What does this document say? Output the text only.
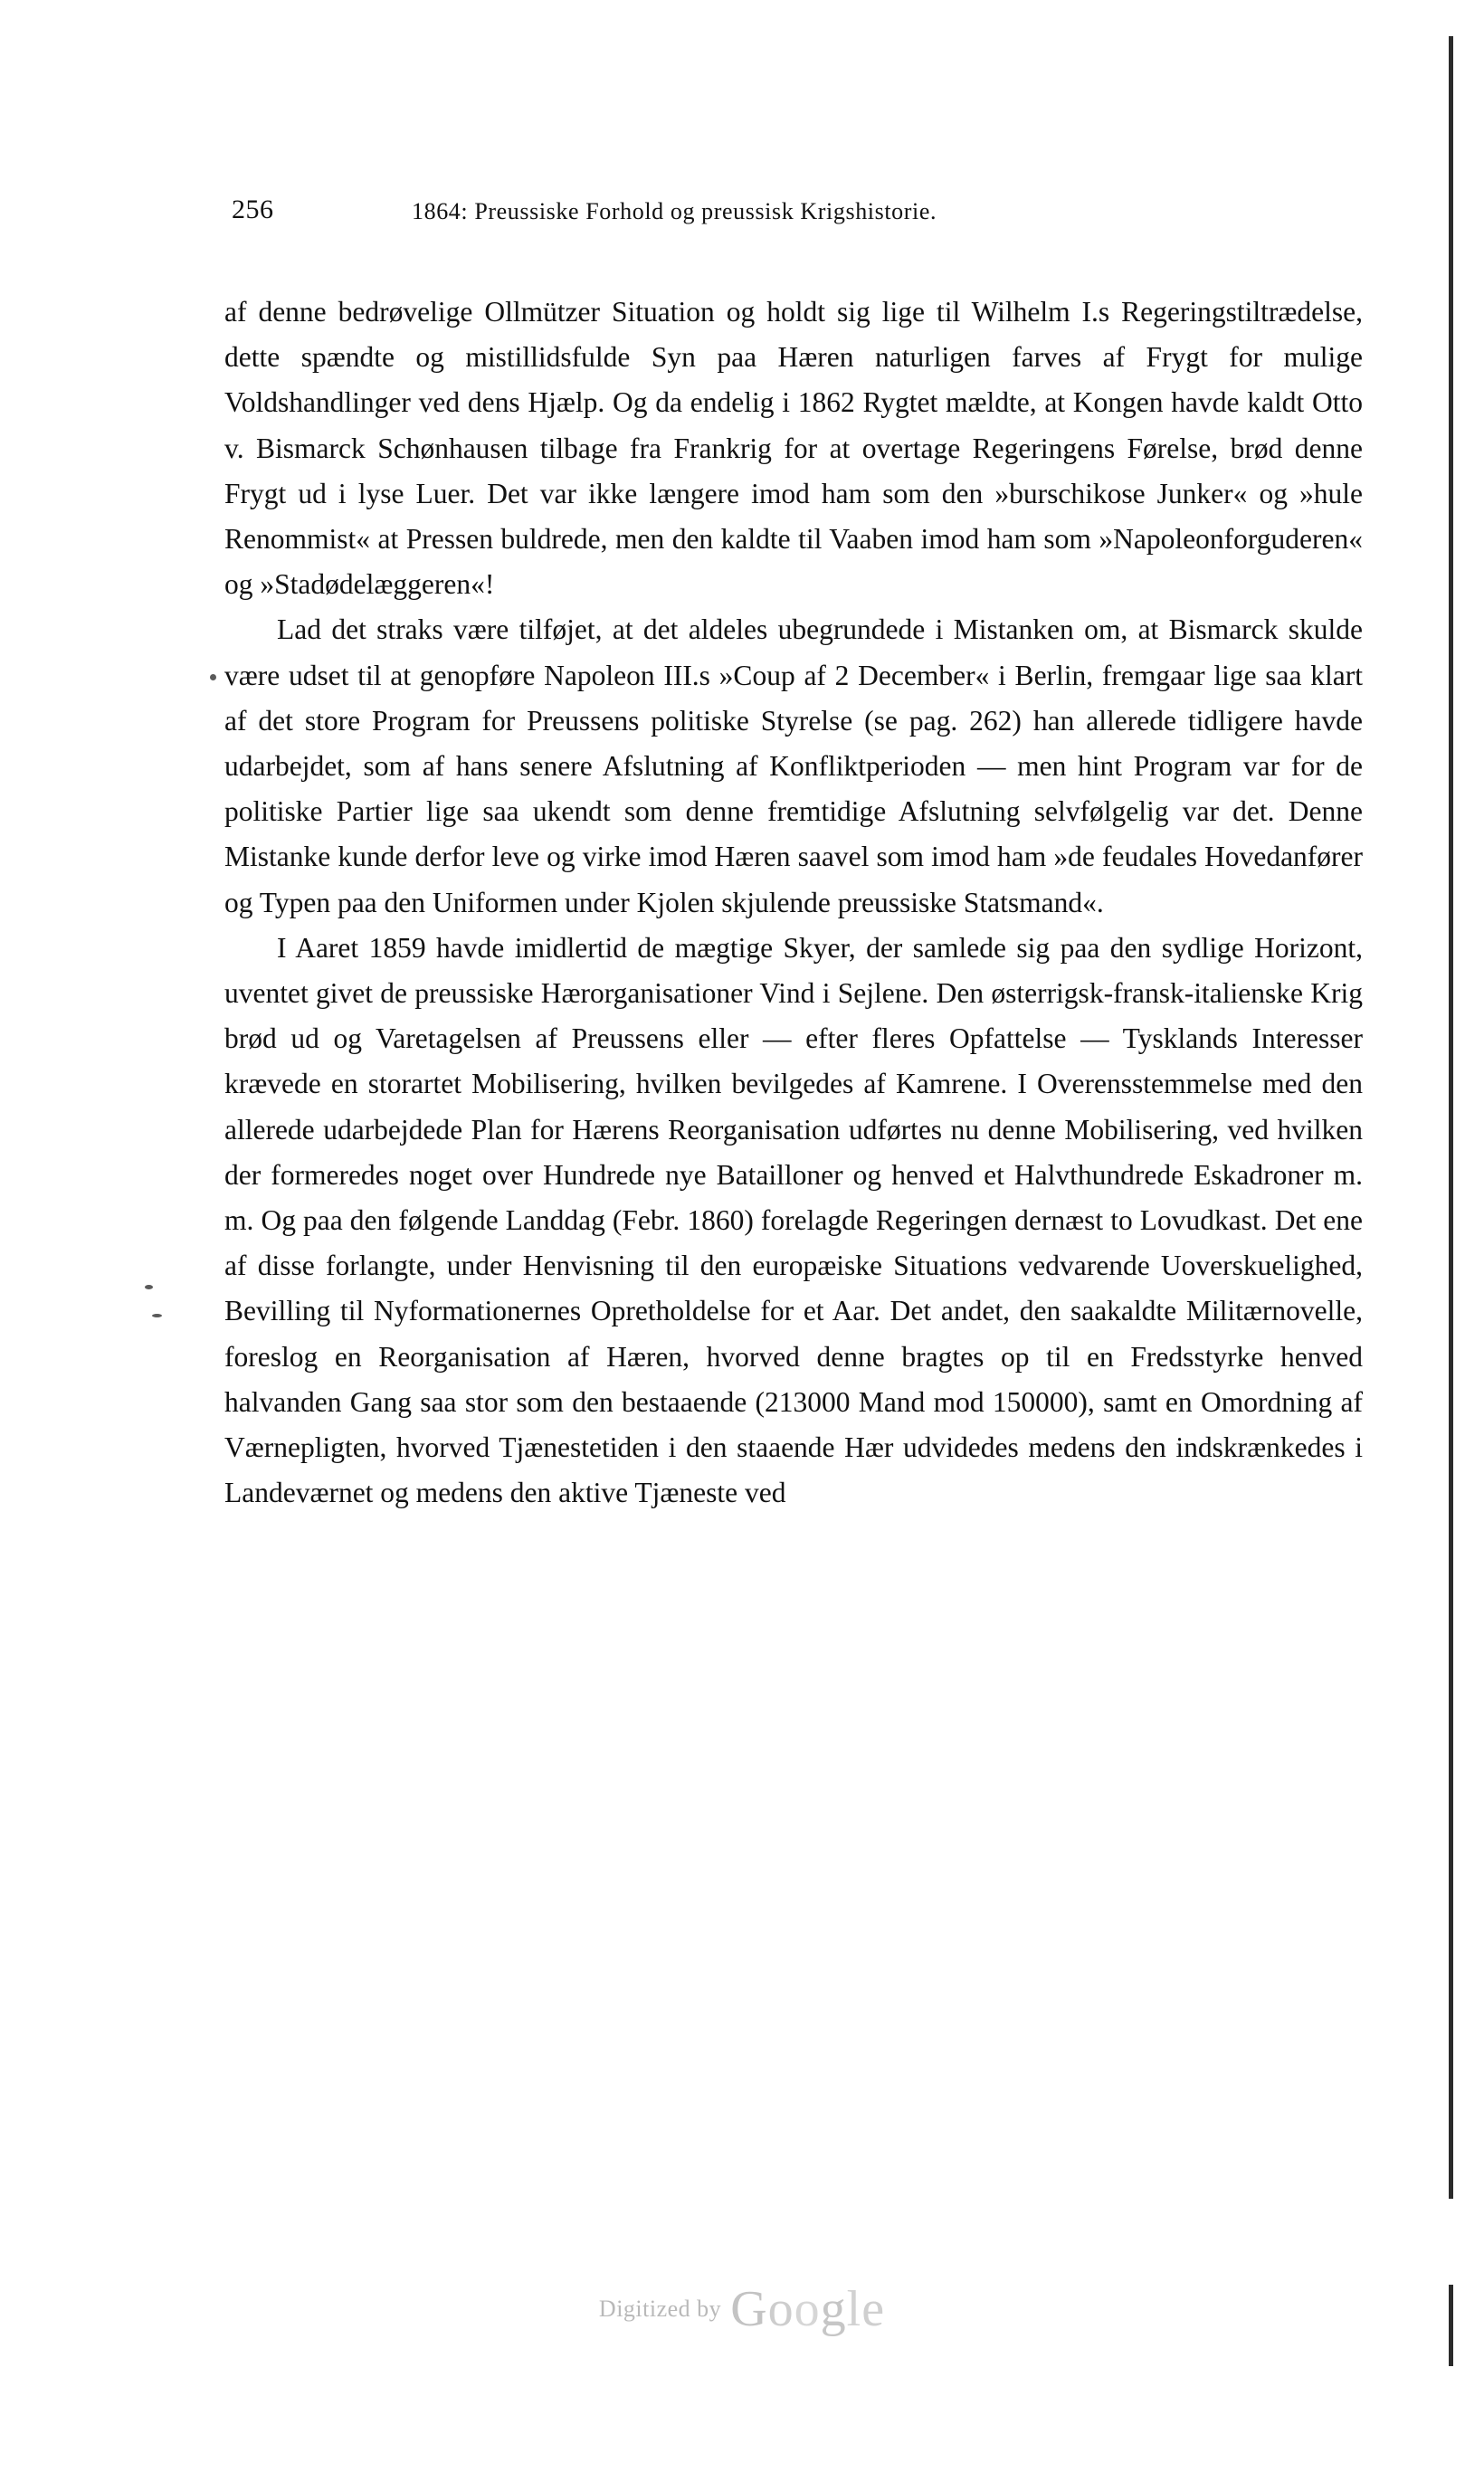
256	1864: Preussiske Forhold og preussisk Krigshistorie.

af denne bedrøvelige Ollmützer Situation og holdt sig lige til Wilhelm I.s Regeringstiltrædelse, dette spændte og mistillidsfulde Syn paa Hæren naturligen farves af Frygt for mulige Voldshandlinger ved dens Hjælp. Og da endelig i 1862 Rygtet mældte, at Kongen havde kaldt Otto v. Bismarck Schønhausen tilbage fra Frankrig for at overtage Regeringens Førelse, brød denne Frygt ud i lyse Luer. Det var ikke længere imod ham som den »burschikose Junker« og »hule Renommist« at Pressen buldrede, men den kaldte til Vaaben imod ham som »Napoleonforguderen« og »Stadødelæggeren«!

Lad det straks være tilføjet, at det aldeles ubegrundede i Mistanken om, at Bismarck skulde være udset til at genopføre Napoleon III.s »Coup af 2 December« i Berlin, fremgaar lige saa klart af det store Program for Preussens politiske Styrelse (se pag. 262) han allerede tidligere havde udarbejdet, som af hans senere Afslutning af Konfliktperioden — men hint Program var for de politiske Partier lige saa ukendt som denne fremtidige Afslutning selvfølgelig var det. Denne Mistanke kunde derfor leve og virke imod Hæren saavel som imod ham »de feudales Hovedanfører og Typen paa den Uniformen under Kjolen skjulende preussiske Statsmand«.

I Aaret 1859 havde imidlertid de mægtige Skyer, der samlede sig paa den sydlige Horizont, uventet givet de preussiske Hærorganisationer Vind i Sejlene. Den østerrigsk-fransk-italienske Krig brød ud og Varetagelsen af Preussens eller — efter fleres Opfattelse — Tysklands Interesser krævede en storartet Mobilisering, hvilken bevilgedes af Kamrene. I Overensstemmelse med den allerede udarbejdede Plan for Hærens Reorganisation udførtes nu denne Mobilisering, ved hvilken der formeredes noget over Hundrede nye Batailloner og henved et Halvthundrede Eskadroner m. m. Og paa den følgende Landdag (Febr. 1860) forelagde Regeringen dernæst to Lovudkast. Det ene af disse forlangte, under Henvisning til den europæiske Situations vedvarende Uoverskuelighed, Bevilling til Nyformationernes Opretholdelse for et Aar. Det andet, den saakaldte Militærnovelle, foreslog en Reorganisation af Hæren, hvorved denne bragtes op til en Fredsstyrke henved halvanden Gang saa stor som den bestaaende (213000 Mand mod 150000), samt en Omordning af Værnepligten, hvorved Tjænestetiden i den staaende Hær udvidedes medens den indskrænkedes i Landeværnet og medens den aktive Tjæneste ved

Digitized by Google
